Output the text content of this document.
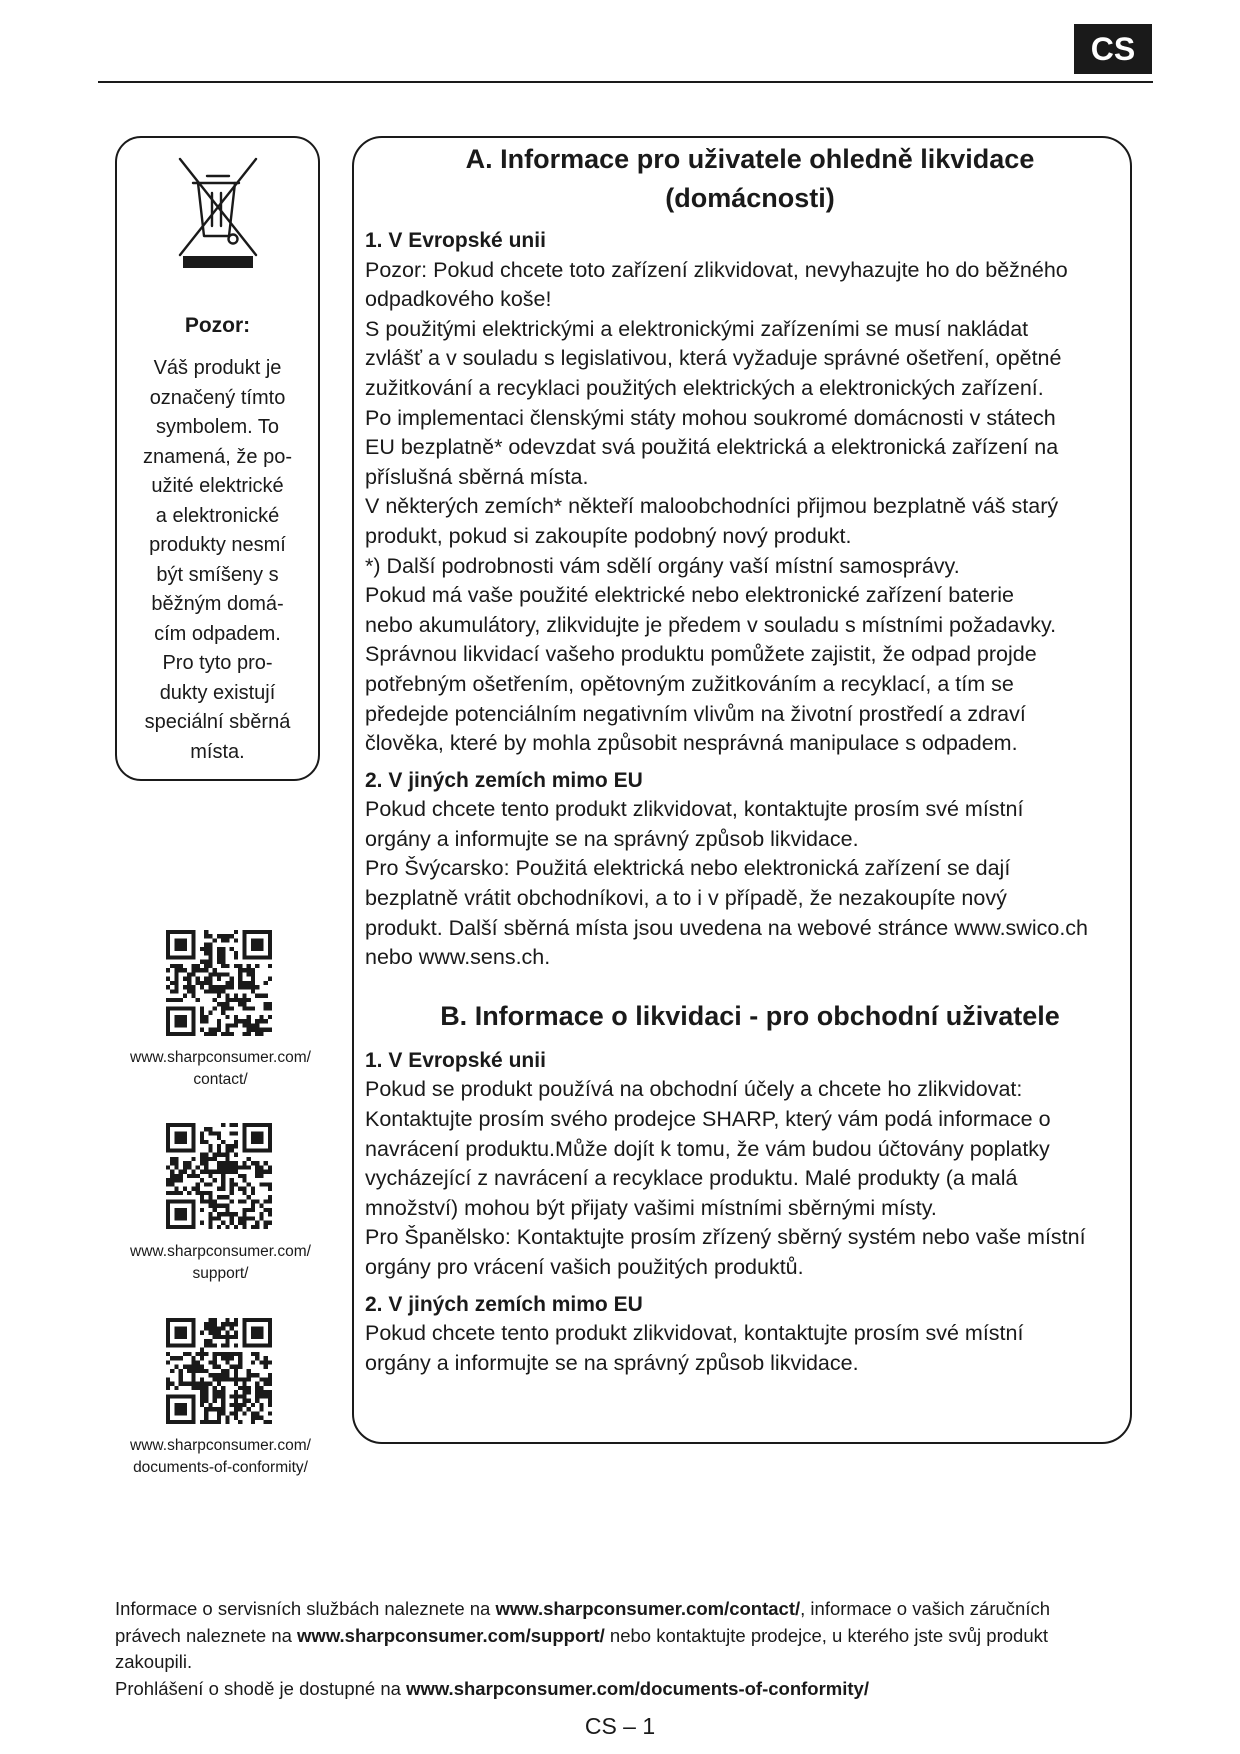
CS
Pozor:
Váš produkt je
označený tímto
symbolem. To
znamená, že po-
užité elektrické
a elektronické
produkty nesmí
být smíšeny s
běžným domá-
cím odpadem.
Pro tyto pro-
dukty existují
speciální sběrná
místa.
www.sharpconsumer.com/
contact/
www.sharpconsumer.com/
support/
www.sharpconsumer.com/
documents-of-conformity/
A. Informace pro uživatele ohledně likvidace
(domácnosti)
1. V Evropské unii

Pozor: Pokud chcete toto zařízení zlikvidovat, nevyhazujte ho do běžného
odpadkového koše!
S použitými elektrickými a elektronickými zařízeními se musí nakládat
zvlášť a v souladu s legislativou, která vyžaduje správné ošetření, opětné
zužitkování a recyklaci použitých elektrických a elektronických zařízení.
Po implementaci členskými státy mohou soukromé domácnosti v státech
EU bezplatně* odevzdat svá použitá elektrická a elektronická zařízení na
příslušná sběrná místa.
V některých zemích* někteří maloobchodníci přijmou bezplatně váš starý
produkt, pokud si zakoupíte podobný nový produkt.
*) Další podrobnosti vám sdělí orgány vaší místní samosprávy.
Pokud má vaše použité elektrické nebo elektronické zařízení baterie
nebo akumulátory, zlikvidujte je předem v souladu s místními požadavky.
Správnou likvidací vašeho produktu pomůžete zajistit, že odpad projde
potřebným ošetřením, opětovným zužitkováním a recyklací, a tím se
předejde potenciálním negativním vlivům na životní prostředí a zdraví
člověka, které by mohla způsobit nesprávná manipulace s odpadem.

2. V jiných zemích mimo EU

Pokud chcete tento produkt zlikvidovat, kontaktujte prosím své místní
orgány a informujte se na správný způsob likvidace.
Pro Švýcarsko: Použitá elektrická nebo elektronická zařízení se dají
bezplatně vrátit obchodníkovi, a to i v případě, že nezakoupíte nový
produkt. Další sběrná místa jsou uvedena na webové stránce www.swico.ch
nebo www.sens.ch.

B. Informace o likvidaci - pro obchodní uživatele
1. V Evropské unii

Pokud se produkt používá na obchodní účely a chcete ho zlikvidovat:
Kontaktujte prosím svého prodejce SHARP, který vám podá informace o
navrácení produktu.Může dojít k tomu, že vám budou účtovány poplatky
vycházející z navrácení a recyklace produktu. Malé produkty (a malá
množství) mohou být přijaty vašimi místními sběrnými místy.
Pro Španělsko: Kontaktujte prosím zřízený sběrný systém nebo vaše místní
orgány pro vrácení vašich použitých produktů.

2. V jiných zemích mimo EU

Pokud chcete tento produkt zlikvidovat, kontaktujte prosím své místní
orgány a informujte se na správný způsob likvidace.

Informace o servisních službách naleznete na www.sharpconsumer.com/contact/, informace o vašich záručních
právech naleznete na www.sharpconsumer.com/support/ nebo kontaktujte prodejce, u kterého jste svůj produkt
zakoupili.
Prohlášení o shodě je dostupné na www.sharpconsumer.com/documents-of-conformity/

CS – 1
